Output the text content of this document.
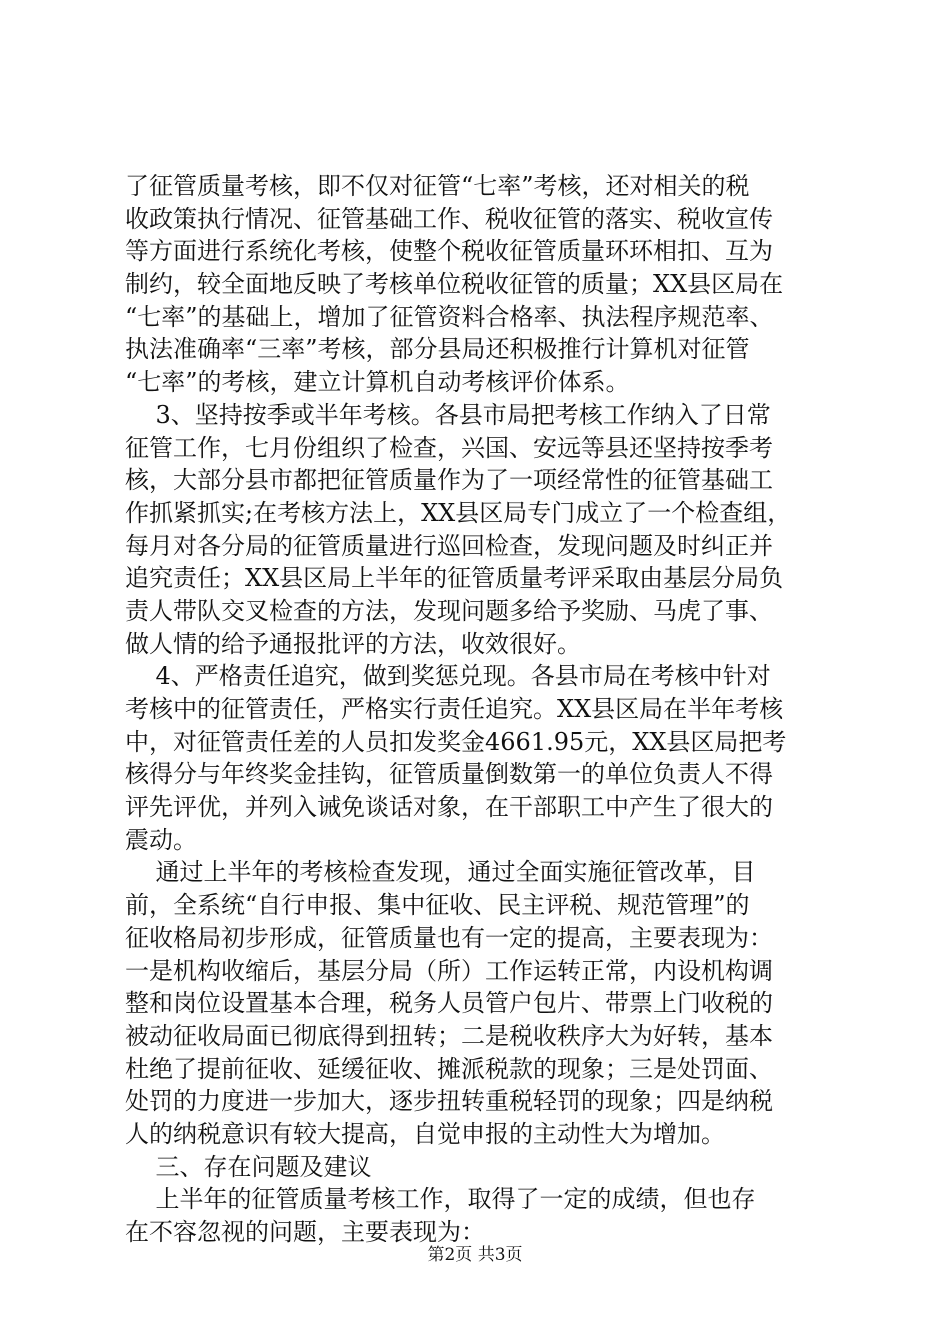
了征管质量考核，即不仅对征管“七率”考核，还对相关的税
收政策执行情况、征管基础工作、税收征管的落实、税收宣传
等方面进行系统化考核，使整个税收征管质量环环相扣、互为
制约，较全面地反映了考核单位税收征管的质量；XX县区局在
“七率”的基础上，增加了征管资料合格率、执法程序规范率、
执法准确率“三率”考核，部分县局还积极推行计算机对征管
“七率”的考核，建立计算机自动考核评价体系。
3、坚持按季或半年考核。各县市局把考核工作纳入了日常
征管工作，七月份组织了检查，兴国、安远等县还坚持按季考
核，大部分县市都把征管质量作为了一项经常性的征管基础工
作抓紧抓实;在考核方法上，XX县区局专门成立了一个检查组，
每月对各分局的征管质量进行巡回检查，发现问题及时纠正并
追究责任；XX县区局上半年的征管质量考评采取由基层分局负
责人带队交叉检查的方法，发现问题多给予奖励、马虎了事、
做人情的给予通报批评的方法，收效很好。
4、严格责任追究，做到奖惩兑现。各县市局在考核中针对
考核中的征管责任，严格实行责任追究。XX县区局在半年考核
中，对征管责任差的人员扣发奖金4661.95元，XX县区局把考
核得分与年终奖金挂钩，征管质量倒数第一的单位负责人不得
评先评优，并列入诫免谈话对象，在干部职工中产生了很大的
震动。
通过上半年的考核检查发现，通过全面实施征管改革，目
前，全系统“自行申报、集中征收、民主评税、规范管理”的
征收格局初步形成，征管质量也有一定的提高，主要表现为：
一是机构收缩后，基层分局（所）工作运转正常，内设机构调
整和岗位设置基本合理，税务人员管户包片、带票上门收税的
被动征收局面已彻底得到扭转；二是税收秩序大为好转，基本
杜绝了提前征收、延缓征收、摊派税款的现象；三是处罚面、
处罚的力度进一步加大，逐步扭转重税轻罚的现象；四是纳税
人的纳税意识有较大提高，自觉申报的主动性大为增加。
三、存在问题及建议
上半年的征管质量考核工作，取得了一定的成绩，但也存
在不容忽视的问题，主要表现为：
第2页 共3页
